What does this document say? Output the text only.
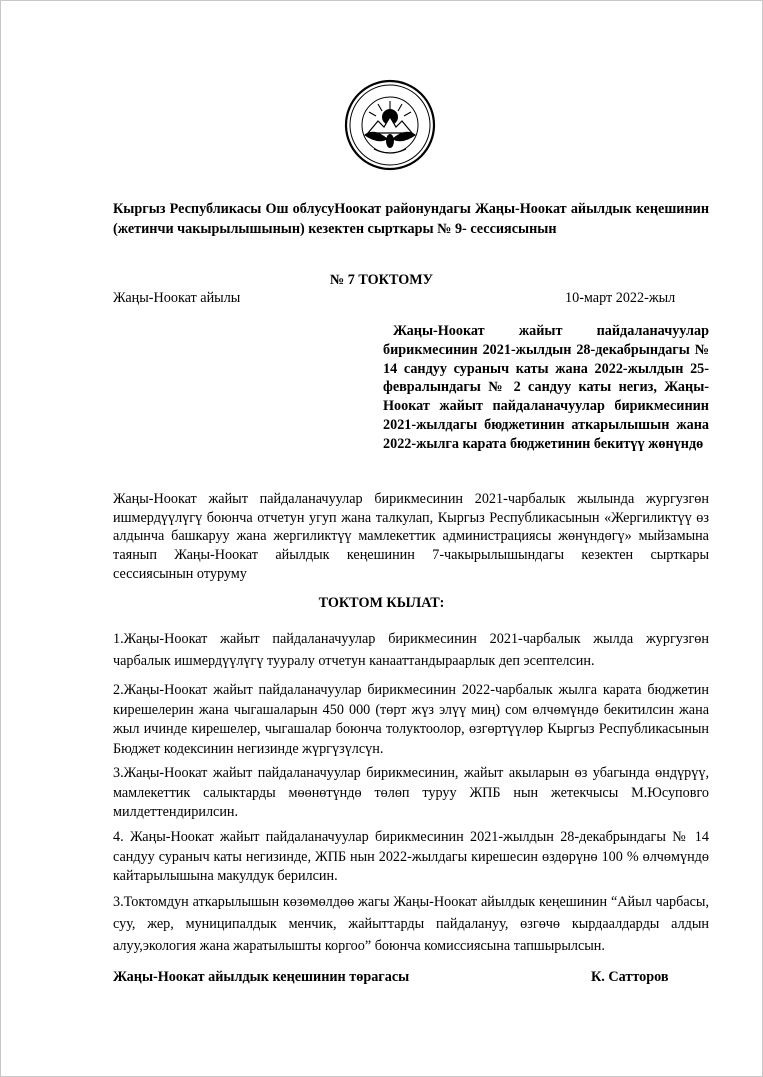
Кыргыз Республикасы Ош облусуНоокат районундагы Жаңы-Ноокат айылдык кеңешинин (жетинчи чакырылышынын) кезектен сырткары № 9- сессиясынын
№ 7 ТОКТОМУ
Жаңы-Ноокат айылы	10-март 2022-жыл
Жаңы-Ноокат жайыт пайдаланачуулар бирикмесинин 2021-жылдын 28-декабрындагы № 14 сандуу сураныч каты жана 2022-жылдын 25-февралындагы № 2 сандуу каты негиз, Жаңы-Ноокат жайыт пайдаланачуулар бирикмесинин 2021-жылдагы бюджетинин аткарылышын жана 2022-жылга карата бюджетинин бекитүү жөнүндө
Жаңы-Ноокат жайыт пайдаланачуулар бирикмесинин 2021-чарбалык жылында жургузгөн ишмердүүлүгү боюнча отчетун угуп жана талкулап, Кыргыз Республикасынын «Жергиликтүү өз алдынча башкаруу жана жергиликтүү мамлекеттик администрациясы жөнүндөгү» мыйзамына таянып Жаңы-Ноокат айылдык кеңешинин 7-чакырылышындагы кезектен сырткары сессиясынын отуруму
ТОКТОМ КЫЛАТ:
1.Жаңы-Ноокат жайыт пайдаланачуулар бирикмесинин 2021-чарбалык жылда жургузгөн чарбалык ишмердүүлүгү тууралу отчетун канааттандыраарлык деп эсептелсин.
2.Жаңы-Ноокат жайыт пайдаланачуулар бирикмесинин 2022-чарбалык жылга карата бюджетин кирешелерин жана чыгашаларын 450 000 (төрт жүз элүү миң) сом өлчөмүндө бекитилсин жана жыл ичинде кирешелер, чыгашалар боюнча толуктоолор, өзгөртүүлөр Кыргыз Республикасынын Бюджет кодексинин негизинде жүргүзүлсүн.
3.Жаңы-Ноокат жайыт пайдаланачуулар бирикмесинин, жайыт акыларын өз убагында өндүрүү, мамлекеттик салыктарды мөөнөтүндө төлөп туруу ЖПБ нын жетекчысы М.Юсуповго милдеттендирилсин.
4. Жаңы-Ноокат жайыт пайдаланачуулар бирикмесинин 2021-жылдын 28-декабрындагы № 14 сандуу сураныч каты негизинде, ЖПБ нын 2022-жылдагы кирешесин өздөрүнө 100 % өлчөмүндө кайтарылышына макулдук берилсин.
3.Токтомдун аткарылышын көзөмөлдөө жагы Жаңы-Ноокат айылдык кеңешинин “Айыл чарбасы, суу, жер, муниципалдык менчик, жайыттарды пайдалануу, өзгөчө кырдаалдарды алдын алуу,экология жана жаратылышты коргоо” боюнча комиссиясына тапшырылсын.
Жаңы-Ноокат айылдык кеңешинин төрагасы	К. Сатторов
